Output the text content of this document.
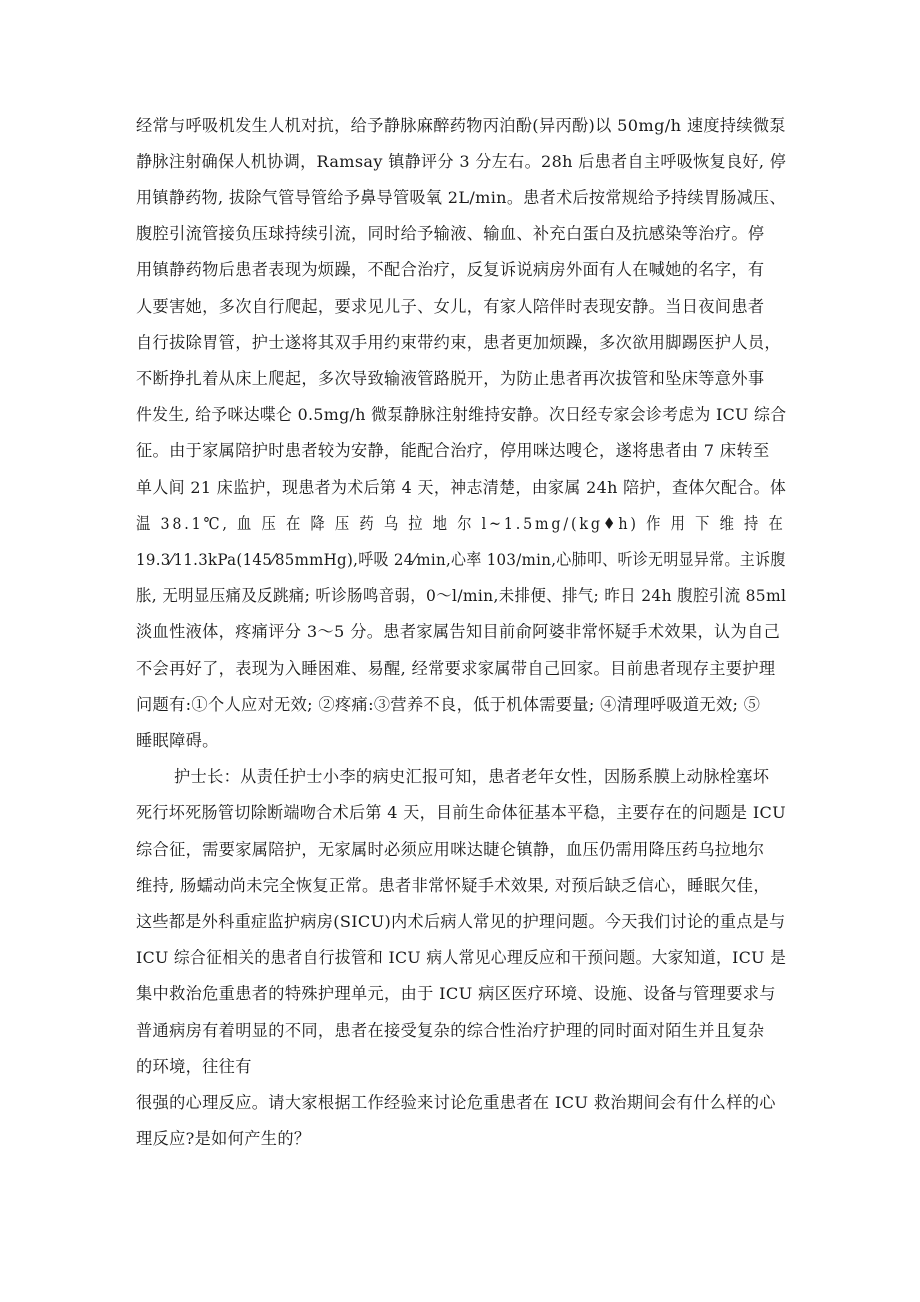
经常与呼吸机发生人机对抗，给予静脉麻醉药物丙泊酚(异丙酚)以 50mg/h 速度持续微泵

静脉注射确保人机协调，Ramsay 镇静评分 3 分左右。28h 后患者自主呼吸恢复良好, 停

用镇静药物, 拔除气管导管给予鼻导管吸氧 2L/min。患者术后按常规给予持续胃肠减压、

腹腔引流管接负压球持续引流，同时给予输液、输血、补充白蛋白及抗感染等治疗。停

用镇静药物后患者表现为烦躁，不配合治疗，反复诉说病房外面有人在喊她的名字，有

人要害她，多次自行爬起，要求见儿子、女儿，有家人陪伴时表现安静。当日夜间患者

自行拔除胃管，护士遂将其双手用约束带约束，患者更加烦躁，多次欲用脚踢医护人员，

不断挣扎着从床上爬起，多次导致输液管路脱开，为防止患者再次拔管和坠床等意外事

件发生, 给予咪达喋仑 0.5mg/h 微泵静脉注射维持安静。次日经专家会诊考虑为 ICU 综合

征。由于家属陪护时患者较为安静，能配合治疗，停用咪达嗖仑，遂将患者由 7 床转至

单人间 21 床监护，现患者为术后第 4 天，神志清楚，由家属 24h 陪护，查体欠配合。体

温 38.1℃, 血 压 在 降 压 药 乌 拉 地 尔 l~1.5mg/(kg♦h) 作 用 下 维 持 在

19.3⁄11.3kPa(145⁄85mmHg),呼吸 24⁄min,心率 103/min,心肺叩、听诊无明显异常。主诉腹

胀, 无明显压痛及反跳痛; 听诊肠鸣音弱，0～l/min,未排便、排气; 昨日 24h 腹腔引流 85ml

淡血性液体，疼痛评分 3～5 分。患者家属告知目前俞阿婆非常怀疑手术效果，认为自己

不会再好了，表现为入睡困难、易醒, 经常要求家属带自己回家。目前患者现存主要护理

问题有:①个人应对无效; ②疼痛:③营养不良，低于机体需要量; ④清理呼吸道无效; ⑤

睡眠障碍。

护士长：从责任护士小李的病史汇报可知，患者老年女性，因肠系膜上动脉栓塞坏

死行坏死肠管切除断端吻合术后第 4 天，目前生命体征基本平稳，主要存在的问题是 ICU

综合征，需要家属陪护，无家属时必须应用咪达睫仑镇静，血压仍需用降压药乌拉地尔

维持, 肠蠕动尚未完全恢复正常。患者非常怀疑手术效果, 对预后缺乏信心，睡眠欠佳，

这些都是外科重症监护病房(SICU)内术后病人常见的护理问题。今天我们讨论的重点是与

ICU 综合征相关的患者自行拔管和 ICU 病人常见心理反应和干预问题。大家知道，ICU 是

集中救治危重患者的特殊护理单元，由于 ICU 病区医疗环境、设施、设备与管理要求与

普通病房有着明显的不同，患者在接受复杂的综合性治疗护理的同时面对陌生并且复杂

的环境，往往有

很强的心理反应。请大家根据工作经验来讨论危重患者在 ICU 救治期间会有什么样的心

理反应?是如何产生的？
